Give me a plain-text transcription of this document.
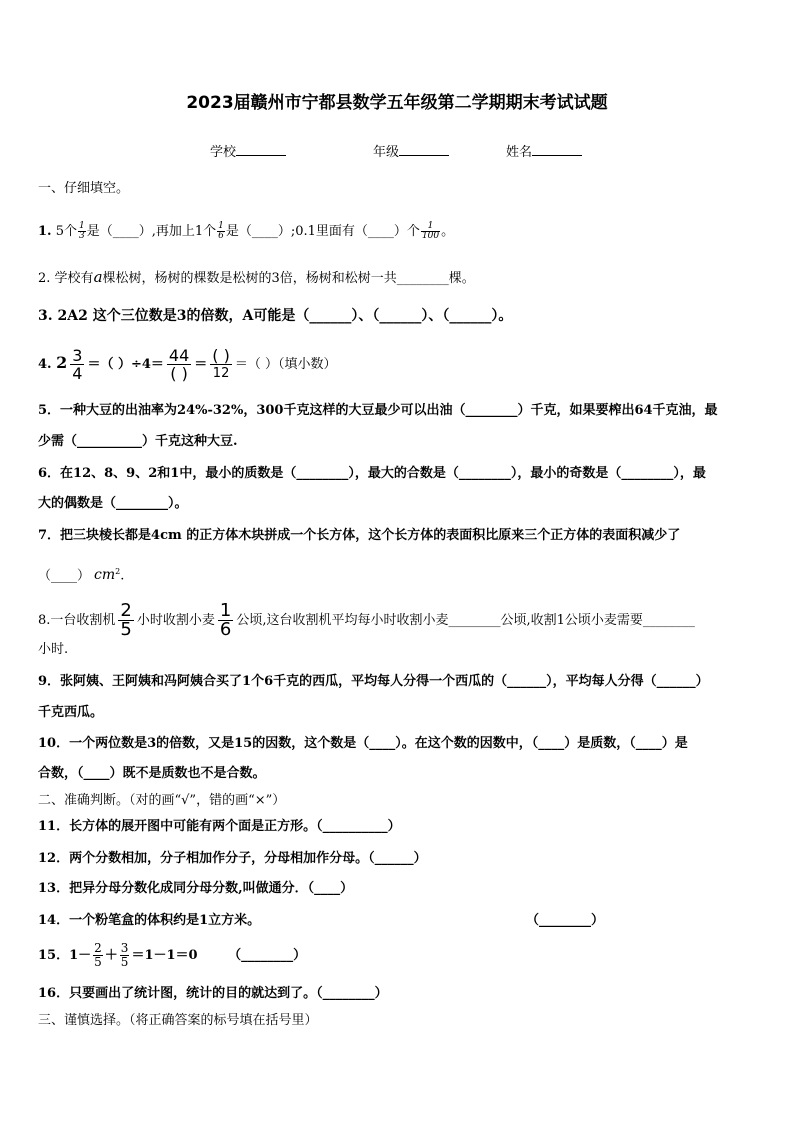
2023届赣州市宁都县数学五年级第二学期期末考试试题
学校	年级	姓名
一、仔细填空。
1. 5个 $\frac{1}{3}$ 是（____）,再加上1个 $\frac{1}{6}$ 是（____）;0.1里面有（____）个 $\frac{1}{100}$ 。
2. 学校有a棵松树，杨树的棵数是松树的3倍，杨树和松树一共________棵。
3. 2A2 这个三位数是3的倍数，A可能是（______）、（______）、（______）。
4. $2 \frac{3}{4}$ ＝（ ）÷4＝ 44
( ) ＝ ( )
12
＝（ ）（填小数）
5．一种大豆的出油率为24%-32%，300千克这样的大豆最少可以出油（________）千克，如果要榨出64千克油，最
少需（__________）千克这种大豆.
6．在12、8、9、2和1中，最小的质数是（________），最大的合数是（________），最小的奇数是（________），最
大的偶数是（________）。
7．把三块棱长都是4cm 的正方体木块拼成一个长方体，这个长方体的表面积比原来三个正方体的表面积减少了
（____） $cm^2$.
8.一台收割机 $\frac{2}{5}$ 小时收割小麦 $\frac{1}{6}$ 公顷,这台收割机平均每小时收割小麦________公顷,收割1公顷小麦需要________
小时.
9．张阿姨、王阿姨和冯阿姨合买了1个6千克的西瓜，平均每人分得一个西瓜的（______），平均每人分得（______）
千克西瓜。
10．一个两位数是3的倍数，又是15的因数，这个数是（____）。在这个数的因数中，（____）是质数，（____）是
合数，（____）既不是质数也不是合数。
二、准确判断。（对的画“√”，错的画“×”）
11．长方体的展开图中可能有两个面是正方形。（__________）
12．两个分数相加，分子相加作分子，分母相加作分母。（______）
13．把异分母分数化成同分母分数,叫做通分．（____）
14．一个粉笔盒的体积约是1立方米。	（________）
15．$1- \frac{2}{5} + \frac{3}{5} =1-1=0$ （________）
16．只要画出了统计图，统计的目的就达到了。（________）
三、谨慎选择。（将正确答案的标号填在括号里）
